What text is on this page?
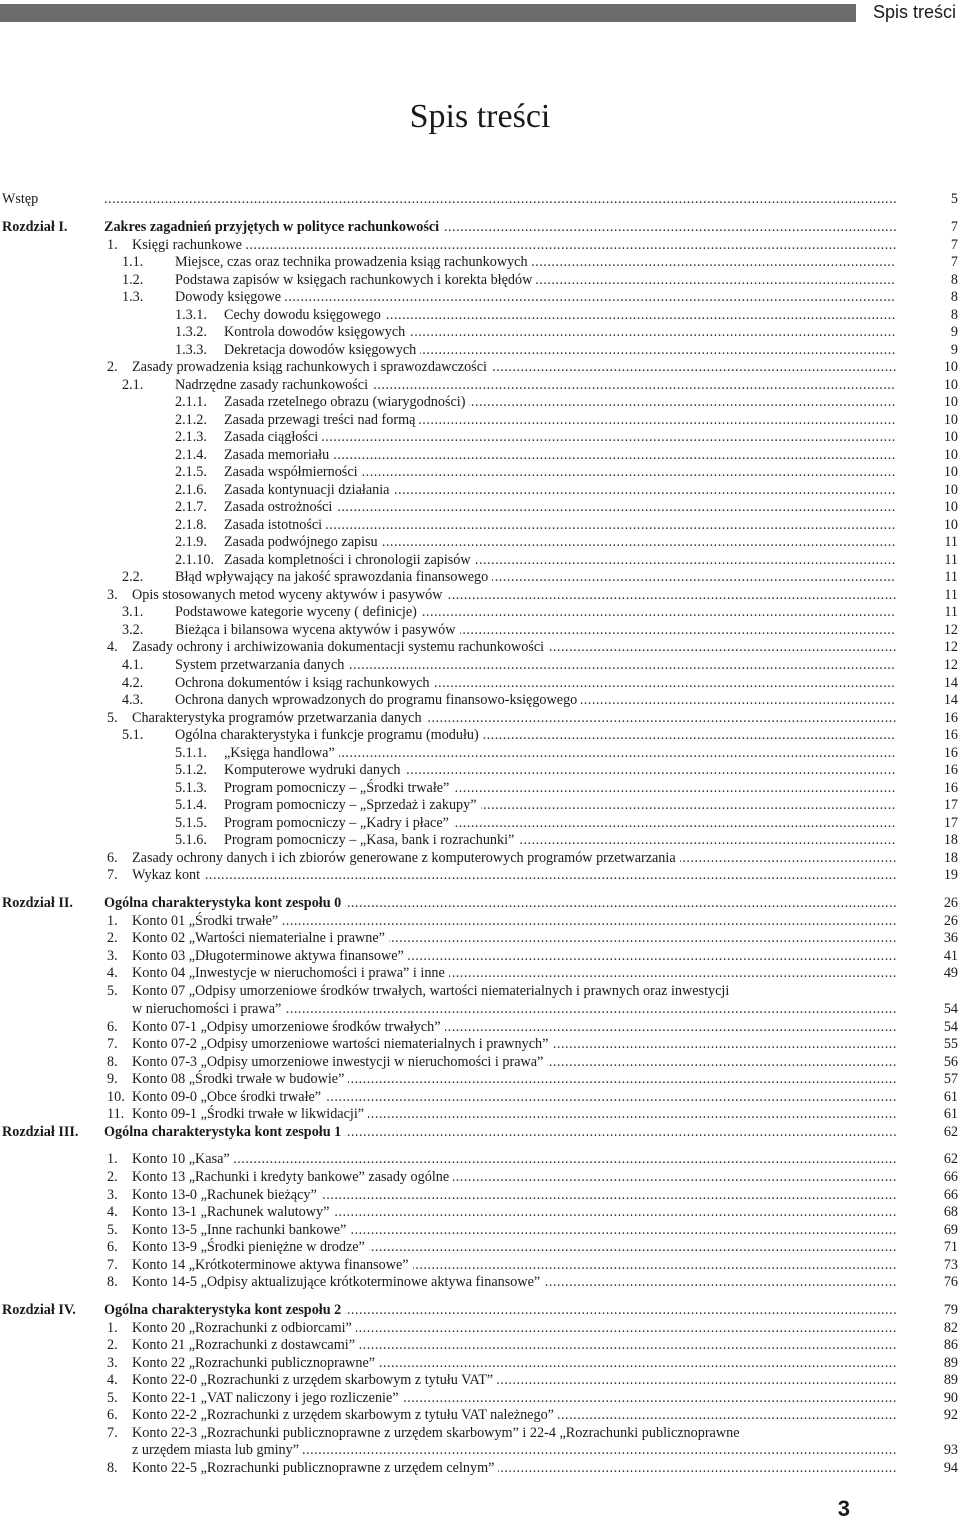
Spis treści
Spis treści
Wstęp .....	5
Rozdział I. .....	Zakres zagadnień przyjętych w polityce rachunkowości	7
1. ..... Księgi rachunkowe	7
1.1. ..... Miejsce, czas oraz technika prowadzenia ksiąg rachunkowych	7
1.2. ..... Podstawa zapisów w księgach rachunkowych i korekta błędów	8
1.3. ..... Dowody księgowe	8
1.3.1. ..... Cechy dowodu księgowego	8
1.3.2. ..... Kontrola dowodów księgowych	9
1.3.3. ..... Dekretacja dowodów księgowych	9
2. ..... Zasady prowadzenia ksiąg rachunkowych i sprawozdawczości	10
2.1. ..... Nadrzędne zasady rachunkowości	10
2.1.1. ..... Zasada rzetelnego obrazu (wiarygodności)	10
2.1.2. ..... Zasada przewagi treści nad formą	10
2.1.3. ..... Zasada ciągłości	10
2.1.4. ..... Zasada memoriału	10
2.1.5. ..... Zasada współmierności	10
2.1.6. ..... Zasada kontynuacji działania	10
2.1.7. ..... Zasada ostrożności	10
2.1.8. ..... Zasada istotności	10
2.1.9. ..... Zasada podwójnego zapisu	11
2.1.10. ..... Zasada kompletności i chronologii zapisów	11
2.2. ..... Błąd wpływający na jakość sprawozdania finansowego	11
3. ..... Opis stosowanych metod wyceny aktywów i pasywów	11
3.1. ..... Podstawowe kategorie wyceny ( definicje)	11
3.2. ..... Bieżąca i bilansowa wycena aktywów i pasywów	12
4. ..... Zasady ochrony i archiwizowania dokumentacji systemu rachunkowości	12
4.1. ..... System przetwarzania danych	12
4.2. ..... Ochrona dokumentów i ksiąg rachunkowych	14
4.3. ..... Ochrona danych wprowadzonych do programu finansowo-księgowego	14
5. ..... Charakterystyka programów przetwarzania danych	16
5.1. ..... Ogólna charakterystyka i funkcje programu (modułu)	16
5.1.1. ..... „Księga handlowa”	16
5.1.2. ..... Komputerowe wydruki danych	16
5.1.3. ..... Program pomocniczy – „Środki trwałe”	16
5.1.4. ..... Program pomocniczy – „Sprzedaż i zakupy”	17
5.1.5. ..... Program pomocniczy – „Kadry i płace”	17
5.1.6. ..... Program pomocniczy – „Kasa, bank i rozrachunki”	18
6. ..... Zasady ochrony danych i ich zbiorów generowane z komputerowych programów przetwarzania	18
7. ..... Wykaz kont	19
Rozdział II. ..... Ogólna charakterystyka kont zespołu 0	26
1. ..... Konto 01 „Środki trwałe”	26
2. ..... Konto 02 „Wartości niematerialne i prawne”	36
3. ..... Konto 03 „Długoterminowe aktywa finansowe”	41
4. ..... Konto 04 „Inwestycje w nieruchomości i prawa” i inne	49
5. Konto 07 „Odpisy umorzeniowe środków trwałych, wartości niematerialnych i prawnych oraz inwestycji
.....
w nieruchomości i prawa”	54
6. ..... Konto 07-1 „Odpisy umorzeniowe środków trwałych”	54
7. ..... Konto 07-2 „Odpisy umorzeniowe wartości niematerialnych i prawnych”	55
8. ..... Konto 07-3 „Odpisy umorzeniowe inwestycji w nieruchomości i prawa”	56
9. ..... Konto 08 „Środki trwałe w budowie”	57
10. ..... Konto 09-0 „Obce środki trwałe”	61
11. ..... Konto 09-1 „Środki trwałe w likwidacji”	61
Rozdział III. ..... Ogólna charakterystyka kont zespołu 1	62
1. ..... Konto 10 „Kasa”	62
2. ..... Konto 13 „Rachunki i kredyty bankowe” zasady ogólne	66
3. ..... Konto 13-0 „Rachunek bieżący”	66
4. ..... Konto 13-1 „Rachunek walutowy”	68
5. ..... Konto 13-5 „Inne rachunki bankowe”	69
6. ..... Konto 13-9 „Środki pieniężne w drodze”	71
7. ..... Konto 14 „Krótkoterminowe aktywa finansowe”	73
8. ..... Konto 14-5 „Odpisy aktualizujące krótkoterminowe aktywa finansowe”	76
Rozdział IV. ..... Ogólna charakterystyka kont zespołu 2	79
1. ..... Konto 20 „Rozrachunki z odbiorcami”	82
2. ..... Konto 21 „Rozrachunki z dostawcami”	86
3. ..... Konto 22 „Rozrachunki publicznoprawne”	89
4. ..... Konto 22-0 „Rozrachunki z urzędem skarbowym z tytułu VAT”	89
5. ..... Konto 22-1 „VAT naliczony i jego rozliczenie”	90
6. ..... Konto 22-2 „Rozrachunki z urzędem skarbowym z tytułu VAT należnego”	92
7. Konto 22-3 „Rozrachunki publicznoprawne z urzędem skarbowym” i 22-4 „Rozrachunki publicznoprawne
.....
z urzędem miasta lub gminy”	93
8. ..... Konto 22-5 „Rozrachunki publicznoprawne z urzędem celnym”	94
3
